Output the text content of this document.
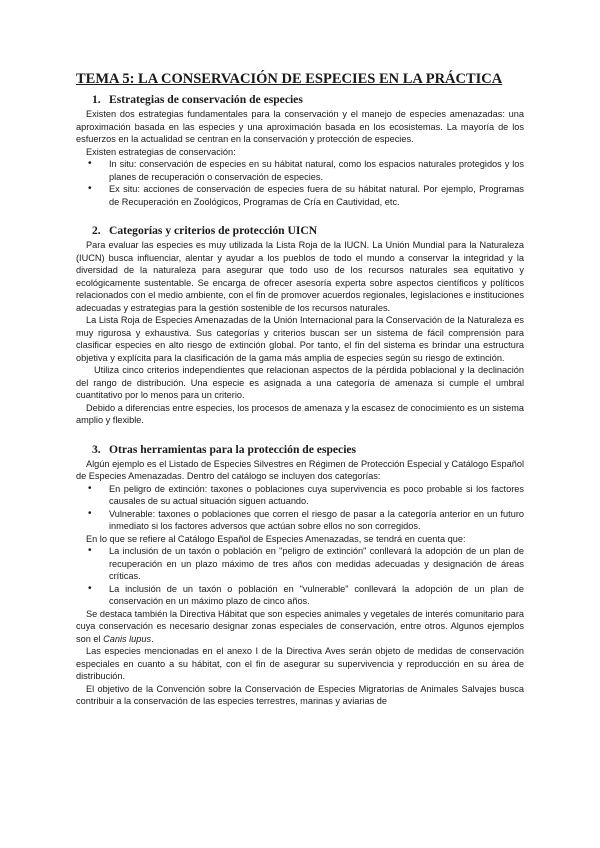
TEMA 5: LA CONSERVACIÓN DE ESPECIES EN LA PRÁCTICA
1. Estrategias de conservación de especies

Existen dos estrategias fundamentales para la conservación y el manejo de especies amenazadas: una aproximación basada en las especies y una aproximación basada en los ecosistemas. La mayoría de los esfuerzos en la actualidad se centran en la conservación y protección de especies.

Existen estrategias de conservación:

• In situ: conservación de especies en su hábitat natural, como los espacios naturales protegidos y los planes de recuperación o conservación de especies.
• Ex situ: acciones de conservación de especies fuera de su hábitat natural. Por ejemplo, Programas de Recuperación en Zoológicos, Programas de Cría en Cautividad, etc.
2. Categorías y criterios de protección UICN

Para evaluar las especies es muy utilizada la Lista Roja de la IUCN. La Unión Mundial para la Naturaleza (IUCN) busca influenciar, alentar y ayudar a los pueblos de todo el mundo a conservar la integridad y la diversidad de la naturaleza para asegurar que todo uso de los recursos naturales sea equitativo y ecológicamente sustentable. Se encarga de ofrecer asesoría experta sobre aspectos científicos y políticos relacionados con el medio ambiente, con el fin de promover acuerdos regionales, legislaciones e instituciones adecuadas y estrategias para la gestión sostenible de los recursos naturales.

La Lista Roja de Especies Amenazadas de la Unión Internacional para la Conservación de la Naturaleza es muy rigurosa y exhaustiva. Sus categorías y criterios buscan ser un sistema de fácil comprensión para clasificar especies en alto riesgo de extinción global. Por tanto, el fin del sistema es brindar una estructura objetiva y explícita para la clasificación de la gama más amplia de especies según su riesgo de extinción.

Utiliza cinco criterios independientes que relacionan aspectos de la pérdida poblacional y la declinación del rango de distribución. Una especie es asignada a una categoría de amenaza si cumple el umbral cuantitativo por lo menos para un criterio.

Debido a diferencias entre especies, los procesos de amenaza y la escasez de conocimiento es un sistema amplio y flexible.

3. Otras herramientas para la protección de especies

Algún ejemplo es el Listado de Especies Silvestres en Régimen de Protección Especial y Catálogo Español de Especies Amenazadas. Dentro del catálogo se incluyen dos categorías:

• En peligro de extinción: taxones o poblaciones cuya supervivencia es poco probable si los factores causales de su actual situación siguen actuando.
• Vulnerable: taxones o poblaciones que corren el riesgo de pasar a la categoría anterior en un futuro inmediato si los factores adversos que actúan sobre ellos no son corregidos.

En lo que se refiere al Catálogo Español de Especies Amenazadas, se tendrá en cuenta que:

• La inclusión de un taxón o población en "peligro de extinción" conllevará la adopción de un plan de recuperación en un plazo máximo de tres años con medidas adecuadas y designación de áreas críticas.
• La inclusión de un taxón o población en "vulnerable" conllevará la adopción de un plan de conservación en un máximo plazo de cinco años.

Se destaca también la Directiva Hábitat que son especies animales y vegetales de interés comunitario para cuya conservación es necesario designar zonas especiales de conservación, entre otros. Algunos ejemplos son el Canis lupus.

Las especies mencionadas en el anexo I de la Directiva Aves serán objeto de medidas de conservación especiales en cuanto a su hábitat, con el fin de asegurar su supervivencia y reproducción en su área de distribución.

El objetivo de la Convención sobre la Conservación de Especies Migratorias de Animales Salvajes busca contribuir a la conservación de las especies terrestres, marinas y aviarias de
